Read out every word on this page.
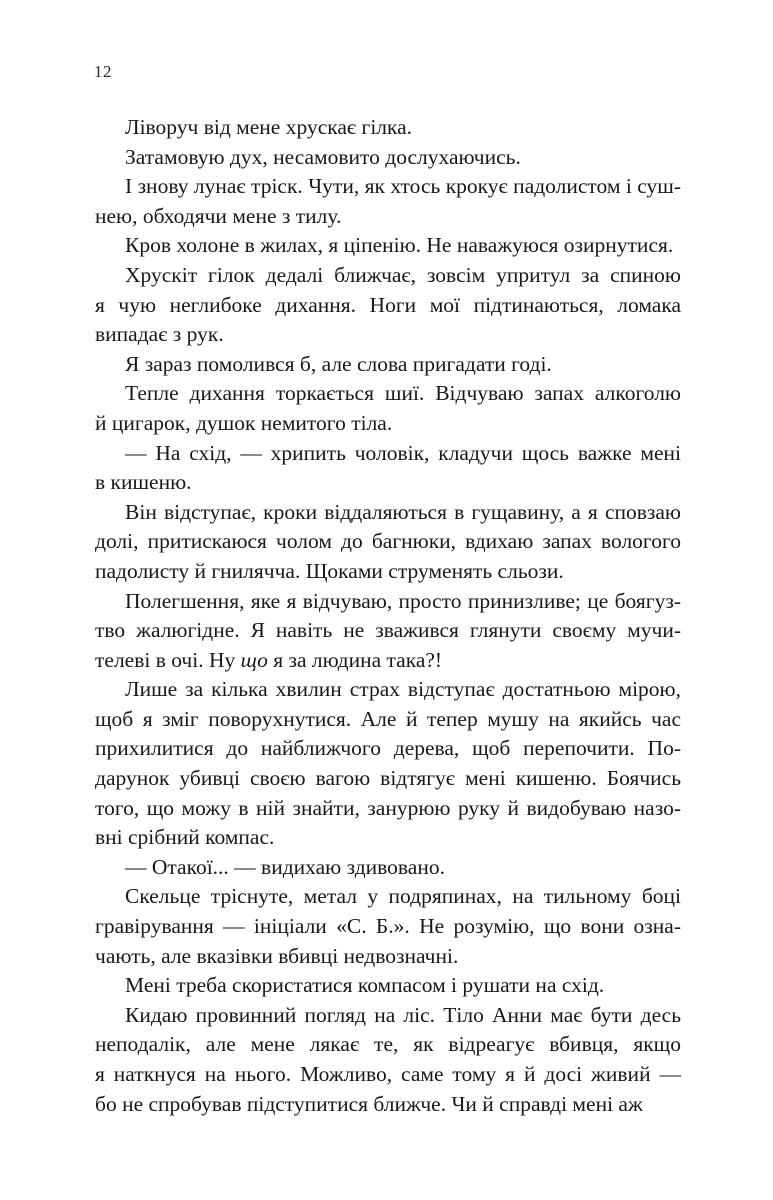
12
Ліворуч від мене хрускає гілка.
Затамовую дух, несамовито дослухаючись.
І знову лунає тріск. Чути, як хтось крокує падолистом і суш-
нею, обходячи мене з тилу.
Кров холоне в жилах, я ціпенію. Не наважуюся озирнутися.
Хрускіт гілок дедалі ближчає, зовсім упритул за спиною
я чую неглибоке дихання. Ноги мої підтинаються, ломака
випадає з рук.
Я зараз помолився б, але слова пригадати годі.
Тепле дихання торкається шиї. Відчуваю запах алкоголю
й цигарок, душок немитого тіла.
— На схід, — хрипить чоловік, кладучи щось важке мені
в кишеню.
Він відступає, кроки віддаляються в гущавину, а я сповзаю
долі, притискаюся чолом до багнюки, вдихаю запах вологого
падолисту й гнилячча. Щоками струменять сльози.
Полегшення, яке я відчуваю, просто принизливе; це боягуз-
тво жалюгідне. Я навіть не зважився глянути своєму мучи-
телеві в очі. Ну що я за людина така?!
Лише за кілька хвилин страх відступає достатньою мірою,
щоб я зміг поворухнутися. Але й тепер мушу на якийсь час
прихилитися до найближчого дерева, щоб перепочити. По-
дарунок убивці своєю вагою відтягує мені кишеню. Боячись
того, що можу в ній знайти, занурюю руку й видобуваю назо-
вні срібний компас.
— Отакої... — видихаю здивовано.
Скельце тріснуте, метал у подряпинах, на тильному боці
гравірування — ініціали «С. Б.». Не розумію, що вони озна-
чають, але вказівки вбивці недвозначні.
Мені треба скористатися компасом і рушати на схід.
Кидаю провинний погляд на ліс. Тіло Анни має бути десь
неподалік, але мене лякає те, як відреагує вбивця, якщо
я наткнуся на нього. Можливо, саме тому я й досі живий —
бо не спробував підступитися ближче. Чи й справді мені аж
